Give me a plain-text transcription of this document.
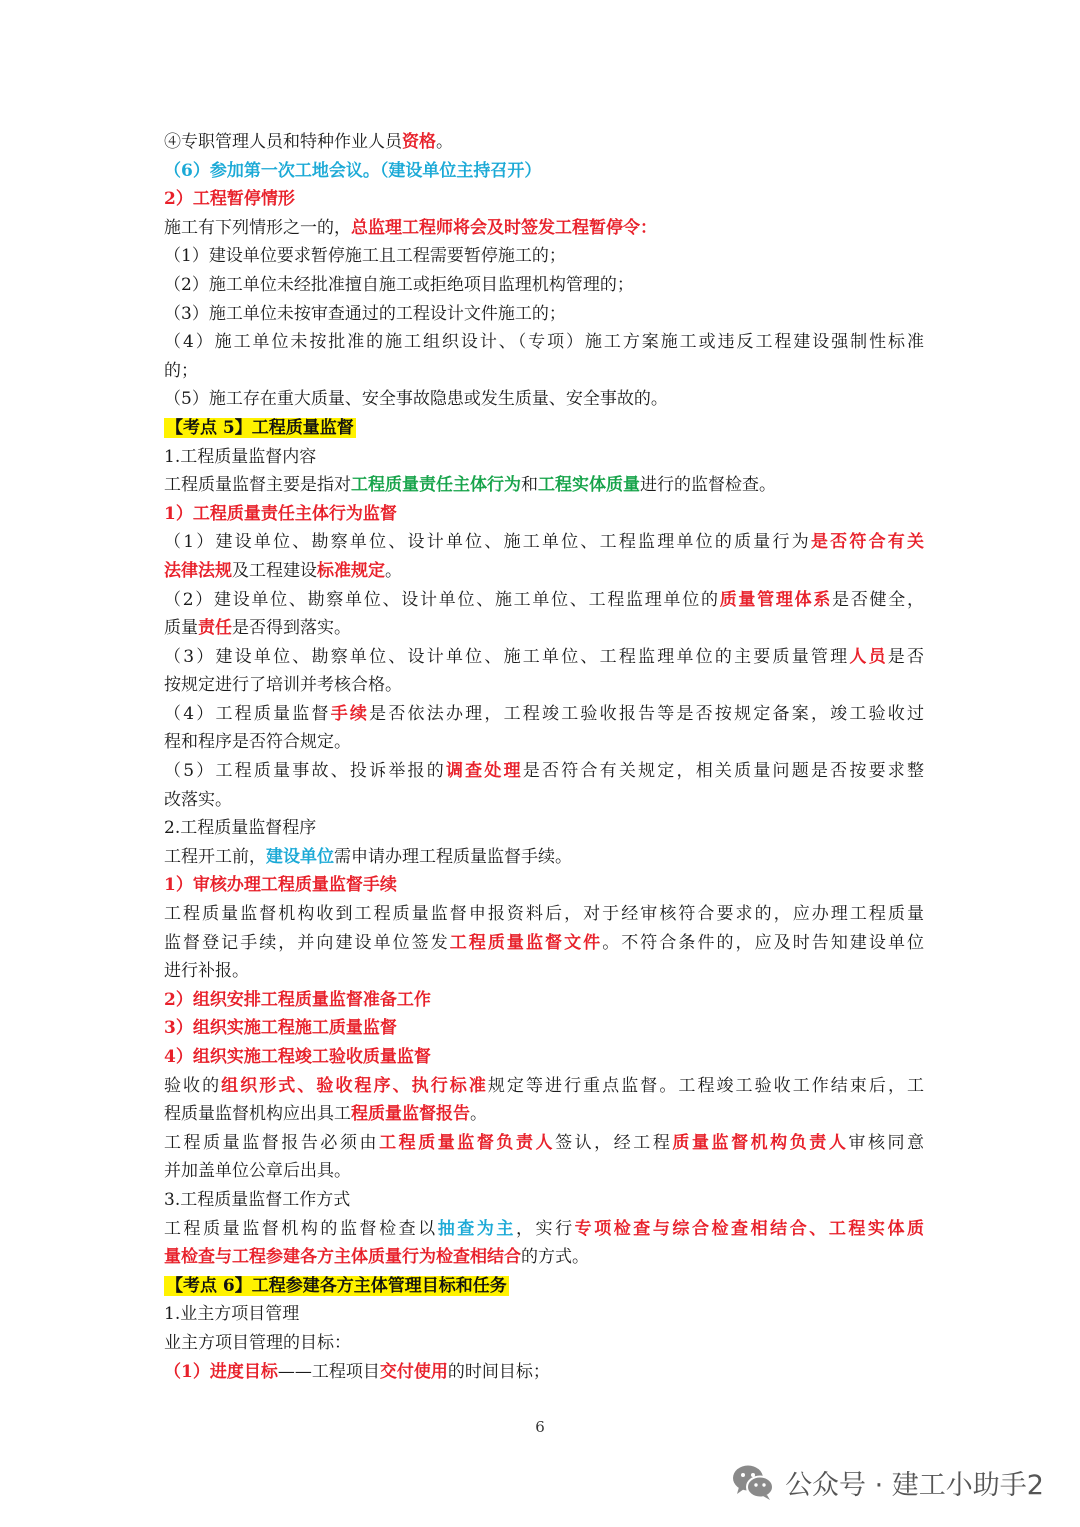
④专职管理人员和特种作业人员资格。
（6）参加第一次工地会议。（建设单位主持召开）
2）工程暂停情形
施工有下列情形之一的，总监理工程师将会及时签发工程暂停令：
（1）建设单位要求暂停施工且工程需要暂停施工的；
（2）施工单位未经批准擅自施工或拒绝项目监理机构管理的；
（3）施工单位未按审查通过的工程设计文件施工的；
（4）施工单位未按批准的施工组织设计、（专项）施工方案施工或违反工程建设强制性标准
的；
（5）施工存在重大质量、安全事故隐患或发生质量、安全事故的。
【考点 5】工程质量监督
1.工程质量监督内容
工程质量监督主要是指对工程质量责任主体行为和工程实体质量进行的监督检查。
1）工程质量责任主体行为监督
（1）建设单位、勘察单位、设计单位、施工单位、工程监理单位的质量行为是否符合有关
法律法规及工程建设标准规定。
（2）建设单位、勘察单位、设计单位、施工单位、工程监理单位的质量管理体系是否健全，
质量责任是否得到落实。
（3）建设单位、勘察单位、设计单位、施工单位、工程监理单位的主要质量管理人员是否
按规定进行了培训并考核合格。
（4）工程质量监督手续是否依法办理，工程竣工验收报告等是否按规定备案，竣工验收过
程和程序是否符合规定。
（5）工程质量事故、投诉举报的调查处理是否符合有关规定，相关质量问题是否按要求整
改落实。
2.工程质量监督程序
工程开工前，建设单位需申请办理工程质量监督手续。
1）审核办理工程质量监督手续
工程质量监督机构收到工程质量监督申报资料后，对于经审核符合要求的，应办理工程质量
监督登记手续，并向建设单位签发工程质量监督文件。不符合条件的，应及时告知建设单位
进行补报。
2）组织安排工程质量监督准备工作
3）组织实施工程施工质量监督
4）组织实施工程竣工验收质量监督
验收的组织形式、验收程序、执行标准规定等进行重点监督。工程竣工验收工作结束后，工
程质量监督机构应出具工程质量监督报告。
工程质量监督报告必须由工程质量监督负责人签认，经工程质量监督机构负责人审核同意
并加盖单位公章后出具。
3.工程质量监督工作方式
工程质量监督机构的监督检查以抽查为主，实行专项检查与综合检查相结合、工程实体质
量检查与工程参建各方主体质量行为检查相结合的方式。
【考点 6】工程参建各方主体管理目标和任务
1.业主方项目管理
业主方项目管理的目标：
（1）进度目标——工程项目交付使用的时间目标；
6
公众号 · 建工小助手2
